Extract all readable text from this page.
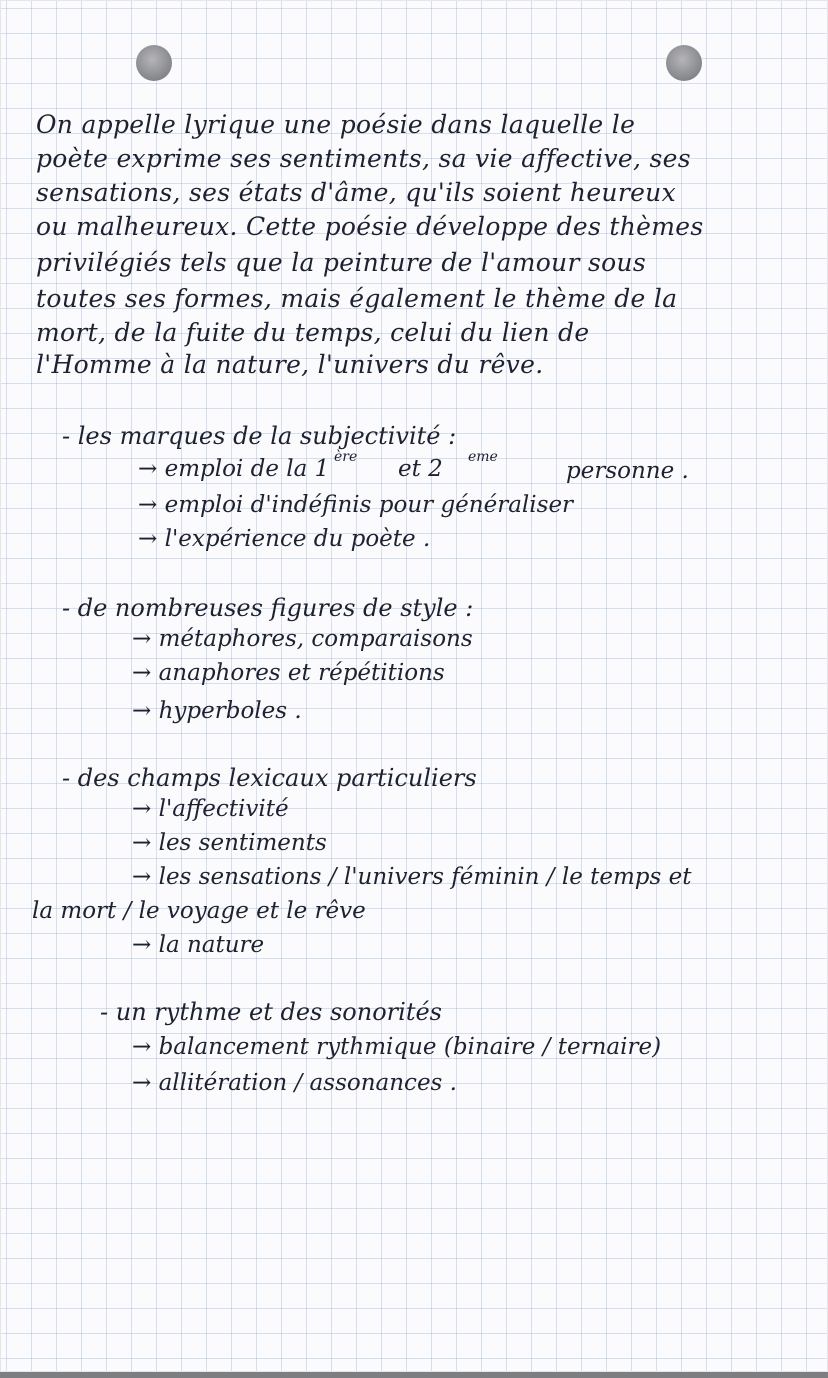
On appelle lyrique une poésie dans laquelle le
poète exprime ses sentiments, sa vie affective, ses
sensations, ses états d'âme, qu'ils soient heureux
ou malheureux. Cette poésie développe des thèmes
privilégiés tels que la peinture de l'amour sous
toutes ses formes, mais également le thème de la
mort, de la fuite du temps, celui du lien de
l'Homme à la nature, l'univers du rêve.
- les marques de la subjectivité :
→ emploi de la 1 ère et 2 eme
personne .
→ emploi d'indéfinis pour généraliser
→ l'expérience du poète .
- de nombreuses figures de style :
→ métaphores, comparaisons
→ anaphores et répétitions
→ hyperboles .
- des champs lexicaux particuliers
→ l'affectivité
→ les sentiments
→ les sensations / l'univers féminin / le temps et
la mort / le voyage et le rêve
→ la nature
- un rythme et des sonorités
→ balancement rythmique (binaire / ternaire)
→ allitération / assonances .
